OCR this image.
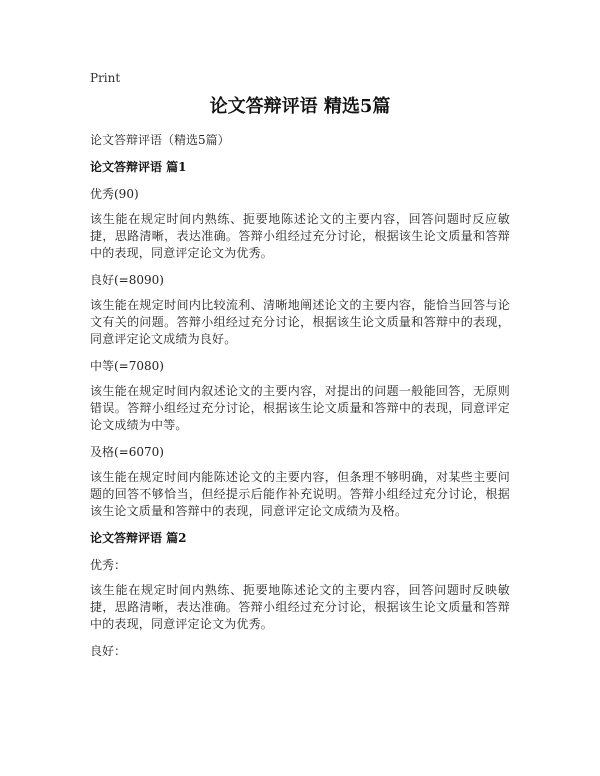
Print

论文答辩评语 精选5篇

论文答辩评语（精选5篇）

论文答辩评语 篇1

优秀(90)

该生能在规定时间内熟练、扼要地陈述论文的主要内容，回答问题时反应敏捷，思路清晰，表达准确。答辩小组经过充分讨论，根据该生论文质量和答辩中的表现，同意评定论文为优秀。

良好(=8090)

该生能在规定时间内比较流利、清晰地阐述论文的主要内容，能恰当回答与论文有关的问题。答辩小组经过充分讨论，根据该生论文质量和答辩中的表现，同意评定论文成绩为良好。

中等(=7080)

该生能在规定时间内叙述论文的主要内容，对提出的问题一般能回答，无原则错误。答辩小组经过充分讨论，根据该生论文质量和答辩中的表现，同意评定论文成绩为中等。

及格(=6070)

该生能在规定时间内能陈述论文的主要内容，但条理不够明确，对某些主要问题的回答不够恰当，但经提示后能作补充说明。答辩小组经过充分讨论，根据该生论文质量和答辩中的表现，同意评定论文成绩为及格。

论文答辩评语 篇2

优秀：

该生能在规定时间内熟练、扼要地陈述论文的主要内容，回答问题时反映敏捷，思路清晰，表达准确。答辩小组经过充分讨论，根据该生论文质量和答辩中的表现，同意评定论文为优秀。

良好：
